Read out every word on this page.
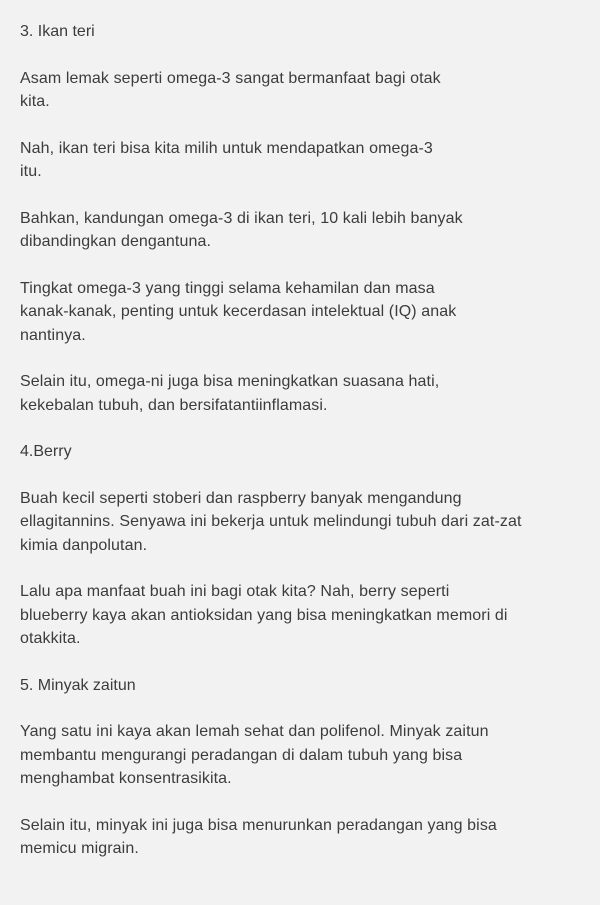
3. Ikan teri
Asam lemak seperti omega-3 sangat bermanfaat bagi otak
kita.
Nah, ikan teri bisa kita milih untuk mendapatkan omega-3
itu.
Bahkan, kandungan omega-3 di ikan teri, 10 kali lebih banyak
dibandingkan dengantuna.
Tingkat omega-3 yang tinggi selama kehamilan dan masa
kanak-kanak, penting untuk kecerdasan intelektual (IQ) anak
nantinya.
Selain itu, omega-ni juga bisa meningkatkan suasana hati,
kekebalan tubuh, dan bersifatantiinflamasi.
4.Berry
Buah kecil seperti stoberi dan raspberry banyak mengandung
ellagitannins. Senyawa ini bekerja untuk melindungi tubuh dari zat-zat
kimia danpolutan.
Lalu apa manfaat buah ini bagi otak kita? Nah, berry seperti
blueberry kaya akan antioksidan yang bisa meningkatkan memori di
otakkita.
5. Minyak zaitun
Yang satu ini kaya akan lemah sehat dan polifenol. Minyak zaitun
membantu mengurangi peradangan di dalam tubuh yang bisa
menghambat konsentrasikita.
Selain itu, minyak ini juga bisa menurunkan peradangan yang bisa
memicu migrain.
